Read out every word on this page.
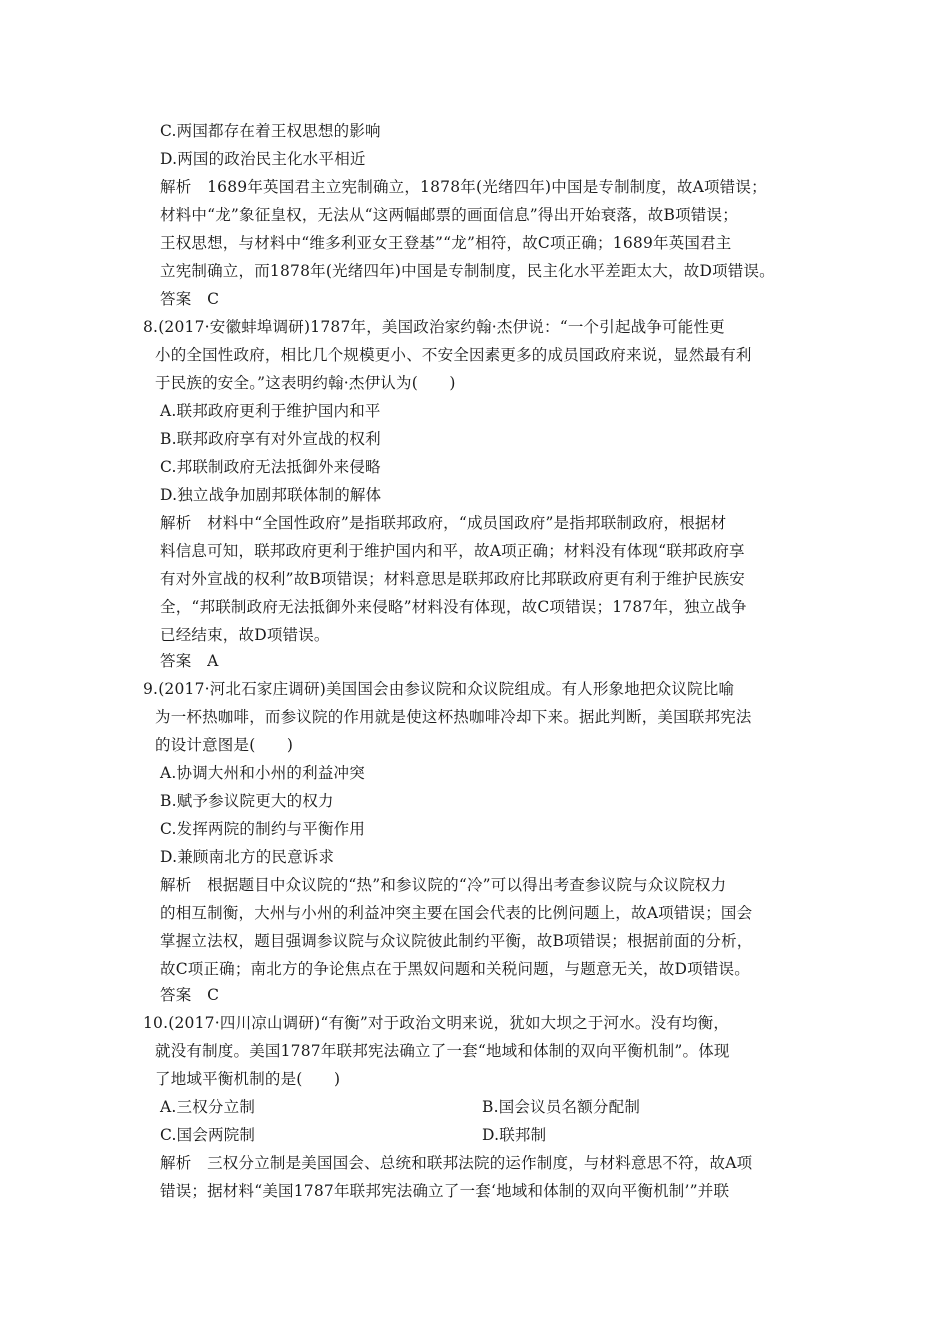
C.两国都存在着王权思想的影响
D.两国的政治民主化水平相近
解析　1689年英国君主立宪制确立，1878年(光绪四年)中国是专制制度，故A项错误；
材料中“龙”象征皇权，无法从“这两幅邮票的画面信息”得出开始衰落，故B项错误；
王权思想，与材料中“维多利亚女王登基”“龙”相符，故C项正确；1689年英国君主
立宪制确立，而1878年(光绪四年)中国是专制制度，民主化水平差距太大，故D项错误。
答案　C
8.(2017·安徽蚌埠调研)1787年，美国政治家约翰·杰伊说：“一个引起战争可能性更
小的全国性政府，相比几个规模更小、不安全因素更多的成员国政府来说，显然最有利
于民族的安全。”这表明约翰·杰伊认为(　　)
A.联邦政府更利于维护国内和平
B.联邦政府享有对外宣战的权利
C.邦联制政府无法抵御外来侵略
D.独立战争加剧邦联体制的解体
解析　材料中“全国性政府”是指联邦政府，“成员国政府”是指邦联制政府，根据材
料信息可知，联邦政府更利于维护国内和平，故A项正确；材料没有体现“联邦政府享
有对外宣战的权利”故B项错误；材料意思是联邦政府比邦联政府更有利于维护民族安
全，“邦联制政府无法抵御外来侵略”材料没有体现，故C项错误；1787年，独立战争
已经结束，故D项错误。
答案　A
9.(2017·河北石家庄调研)美国国会由参议院和众议院组成。有人形象地把众议院比喻
为一杯热咖啡，而参议院的作用就是使这杯热咖啡冷却下来。据此判断，美国联邦宪法
的设计意图是(　　)
A.协调大州和小州的利益冲突
B.赋予参议院更大的权力
C.发挥两院的制约与平衡作用
D.兼顾南北方的民意诉求
解析　根据题目中众议院的“热”和参议院的“冷”可以得出考查参议院与众议院权力
的相互制衡，大州与小州的利益冲突主要在国会代表的比例问题上，故A项错误；国会
掌握立法权，题目强调参议院与众议院彼此制约平衡，故B项错误；根据前面的分析，
故C项正确；南北方的争论焦点在于黑奴问题和关税问题，与题意无关，故D项错误。
答案　C
10.(2017·四川凉山调研)“有衡”对于政治文明来说，犹如大坝之于河水。没有均衡，
就没有制度。美国1787年联邦宪法确立了一套“地域和体制的双向平衡机制”。体现
了地域平衡机制的是(　　)
A.三权分立制	B.国会议员名额分配制
C.国会两院制	D.联邦制
解析　三权分立制是美国国会、总统和联邦法院的运作制度，与材料意思不符，故A项
错误；据材料“美国1787年联邦宪法确立了一套‘地域和体制的双向平衡机制’”并联
